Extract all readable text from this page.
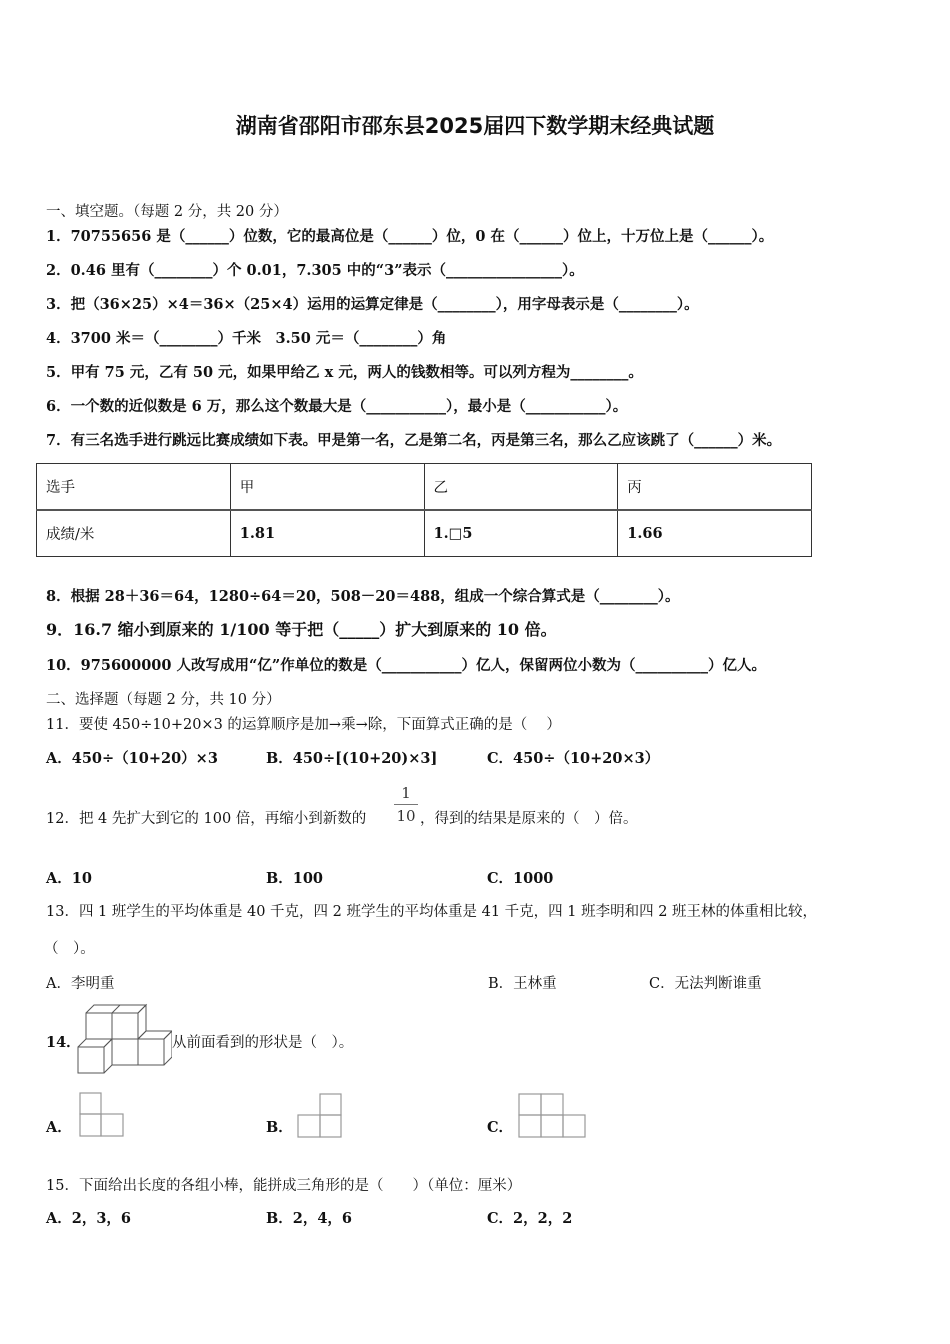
湖南省邵阳市邵东县2025届四下数学期末经典试题
一、填空题。（每题 2 分，共 20 分）
1．70755656 是（______）位数，它的最高位是（______）位，0 在（______）位上，十万位上是（______）。
2．0.46 里有（________）个 0.01，7.305 中的“3”表示（________________）。
3．把（36×25）×4＝36×（25×4）运用的运算定律是（________），用字母表示是（________）。
4．3700 米＝（________）千米　3.50 元＝（________）角
5．甲有 75 元，乙有 50 元，如果甲给乙 x 元，两人的钱数相等。可以列方程为________。
6．一个数的近似数是 6 万，那么这个数最大是（___________），最小是（___________）。
7．有三名选手进行跳远比赛成绩如下表。甲是第一名，乙是第二名，丙是第三名，那么乙应该跳了（______）米。
选手	甲	乙	丙
成绩/米	1.81	1.□5	1.66
8．根据 28＋36＝64，1280÷64＝20，508－20＝488，组成一个综合算式是（________）。
9．16.7 缩小到原来的 1/100 等于把（_____）扩大到原来的 10 倍。
10．975600000 人改写成用“亿”作单位的数是（___________）亿人，保留两位小数为（__________）亿人。
二、选择题（每题 2 分，共 10 分）
11．要使 450÷10+20×3 的运算顺序是加→乘→除，下面算式正确的是（　 ）
A．450÷（10+20）×3	B．450÷[(10+20)×3]	C．450÷（10+20×3）
12．把 4 先扩大到它的 100 倍，再缩小到新数的
1
10 ，得到的结果是原来的（　）倍。
A．10	B．100	C．1000
13．四 1 班学生的平均体重是 40 千克，四 2 班学生的平均体重是 41 千克，四 1 班李明和四 2 班王林的体重相比较，
（　）。
A．李明重	B．王林重	C．无法判断谁重
14．	从前面看到的形状是（　）。
A．	B．	C．
15．下面给出长度的各组小棒，能拼成三角形的是（　　）（单位：厘米）
A．2，3，6	B．2，4，6	C．2，2，2
